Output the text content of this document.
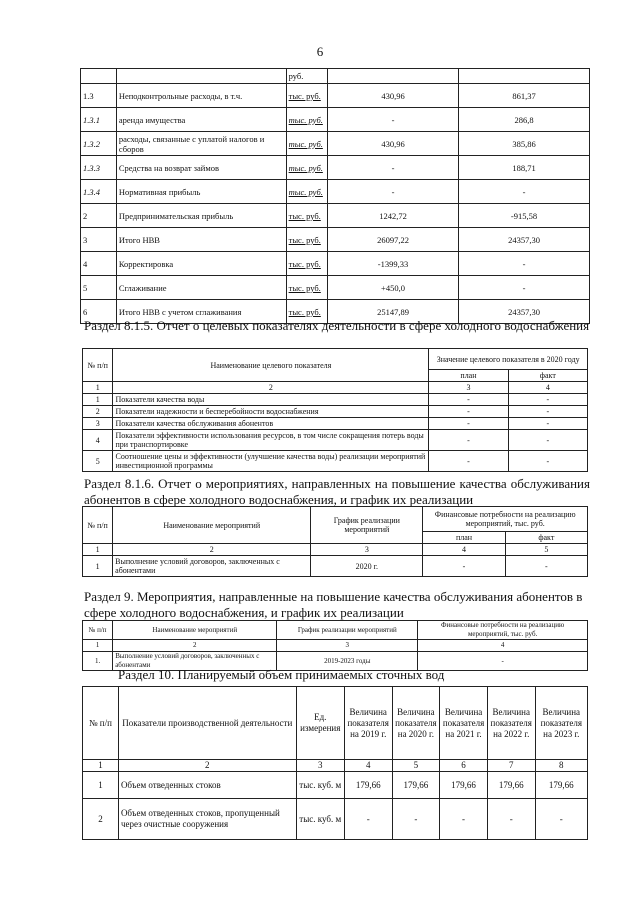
6
		руб.		
1.3	Неподконтрольные расходы, в т.ч.	тыс. руб.	430,96	861,37
1.3.1	аренда имущества	тыс. руб.	-	286,8
1.3.2	расходы, связанные с уплатой налогов и сборов	тыс. руб.	430,96	385,86
1.3.3	Средства на возврат займов	тыс. руб.	-	188,71
1.3.4	Нормативная прибыль	тыс. руб.	-	-
2	Предпринимательская прибыль	тыс. руб.	1242,72	-915,58
3	Итого НВВ	тыс. руб.	26097,22	24357,30
4	Корректировка	тыс. руб.	-1399,33	-
5	Сглаживание	тыс. руб.	+450,0	-
6	Итого НВВ с учетом сглаживания	тыс. руб.	25147,89	24357,30
Раздел 8.1.5. Отчет о целевых показателях деятельности в сфере холодного водоснабжения
№ п/п	Наименование целевого показателя	Значение целевого показателя в 2020 году	
		план	факт
1	2	3	4
1	Показатели качества воды	-	-
2	Показатели надежности и бесперебойности водоснабжения	-	-
3	Показатели качества обслуживания абонентов	-	-
4	Показатели эффективности использования ресурсов, в том числе сокращения потерь воды при транспортировке	-	-
5	Соотношение цены и эффективности (улучшение качества воды) реализации мероприятий инвестиционной программы	-	-
Раздел 8.1.6. Отчет о мероприятиях, направленных на повышение качества обслуживания абонентов в сфере холодного водоснабжения, и график их реализации
№ п/п	Наименование мероприятий	График реализации мероприятий	Финансовые потребности на реализацию мероприятий, тыс. руб.	
			план	факт
1	2	3	4	5
1	Выполнение условий договоров, заключенных с абонентами	2020 г.	-	-
Раздел 9. Мероприятия, направленные на повышение качества обслуживания абонентов в сфере холодного водоснабжения, и график их реализации
№ п/п	Наименование мероприятий	График реализации мероприятий	Финансовые потребности на реализацию мероприятий, тыс. руб.
1	2	3	4
1.	Выполнение условий договоров, заключенных с абонентами	2019-2023 годы	-
Раздел 10. Планируемый объем принимаемых сточных вод
№ п/п	Показатели производственной деятельности	Ед. измерения	Величина показателя на 2019 г.	Величина показателя на 2020 г.	Величина показателя на 2021 г.	Величина показателя на 2022 г.	Величина показателя на 2023 г.
1	2	3	4	5	6	7	8
1	Объем отведенных стоков	тыс. куб. м	179,66	179,66	179,66	179,66	179,66
2	Объем отведенных стоков, пропущенный через очистные сооружения	тыс. куб. м	-	-	-	-	-
